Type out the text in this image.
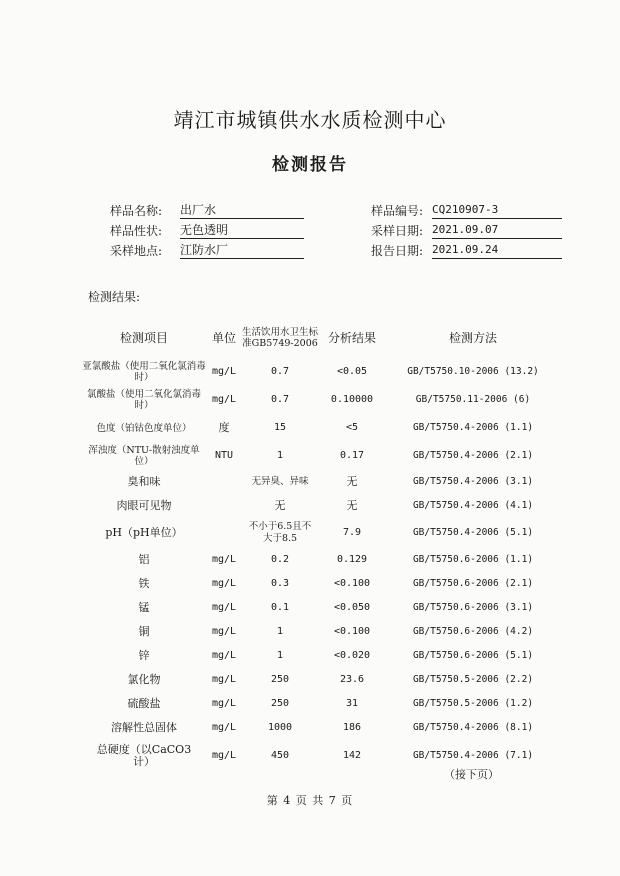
靖江市城镇供水水质检测中心
检测报告
样品名称: 出厂水	样品编号: CQ210907-3
样品性状: 无色透明	采样日期: 2021.09.07
采样地点: 江防水厂	报告日期: 2021.09.24
检测结果:
检测项目	单位	生活饮用水卫生标准GB5749-2006	分析结果	检测方法
亚氯酸盐（使用二氧化氯消毒时）	mg/L	0.7	<0.05	GB/T5750.10-2006 (13.2)
氯酸盐（使用二氧化氯消毒时）	mg/L	0.7	0.10000	GB/T5750.11-2006 (6)
色度（铂钴色度单位）	度	15	<5	GB/T5750.4-2006 (1.1)
浑浊度（NTU-散射浊度单位）	NTU	1	0.17	GB/T5750.4-2006 (2.1)
臭和味		无异臭、异味	无	GB/T5750.4-2006 (3.1)
肉眼可见物		无	无	GB/T5750.4-2006 (4.1)
pH（pH单位）		不小于6.5且不大于8.5	7.9	GB/T5750.4-2006 (5.1)
铝	mg/L	0.2	0.129	GB/T5750.6-2006 (1.1)
铁	mg/L	0.3	<0.100	GB/T5750.6-2006 (2.1)
锰	mg/L	0.1	<0.050	GB/T5750.6-2006 (3.1)
铜	mg/L	1	<0.100	GB/T5750.6-2006 (4.2)
锌	mg/L	1	<0.020	GB/T5750.6-2006 (5.1)
氯化物	mg/L	250	23.6	GB/T5750.5-2006 (2.2)
硫酸盐	mg/L	250	31	GB/T5750.5-2006 (1.2)
溶解性总固体	mg/L	1000	186	GB/T5750.4-2006 (8.1)
总硬度（以CaCO3计）	mg/L	450	142	GB/T5750.4-2006 (7.1)
（接下页）
第 4 页 共 7 页
